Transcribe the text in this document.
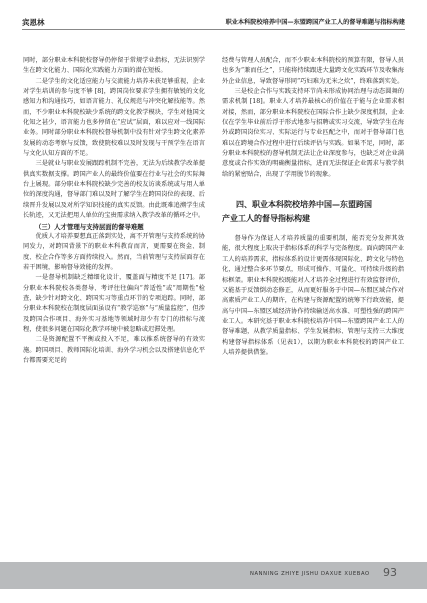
宾恩林	职业本科院校培养中国—东盟跨国产业工人的督导难题与指标构建

同时，部分职业本科院校督导仍停留于常规学业指标，无法识别学生在跨文化能力、国际化实践能力方面的潜在短板。

二是学生的文化适应能力与交流能力培养未获足够重视，企业对学生培训的参与度不够 [8]，跨国岗位要求学生拥有敏锐的文化感知力和沟通技巧，如语言能力、礼仪规范与冲突化解技能等。然而，不少职业本科院校缺少系统的跨文化教学模块，学生对他国文化知之甚少，语言能力也多停留在“应试”层面，难以应对一线国际业务。同时部分职业本科院校督导机制中没有针对学生跨文化素养发展的动态考察与反馈，致使院校难以及时发现与干预学生在语言与文化认知方面的不足。

三是就业与职业发展跟踪机制不完善，无法为后续教学改革提供真实数据支撑。跨国产业人的最终价值要在行业与社会的实际舞台上展现。部分职业本科院校缺少完善的校友访谈系统或与用人单位的深度沟通，督导部门难以及时了解学生在跨国岗位的表现、后续晋升发展以及对所学知识技能的真实反馈。由此既难追溯学生成长轨迹，又无法把用人单位的宝贵需求纳入教学改革的循环之中。

（三）人才管理与支持层面的督导难题

优质人才培养要想真正落到实处，离不开管理与支持系统的协同发力，对跨国背景下的职业本科教育而言，更需要在资金、制度、校企合作等多方面持续投入。然而，当前管理与支持层面存在若干困境，影响督导效能的发挥。

一是督导机制缺乏精细化设计，覆盖面与精度不足 [17]。部分职业本科院校各类督导、考评往往偏向“普适性”或“周期性”检查，缺少针对跨文化、跨国实习等重点环节的专项追踪。同时，部分职业本科院校在制度层面虽设有“教学巡察”与“质量监控”，但涉及跨国合作项目、海外实习基地等领域时却少有专门的指标与流程，使很多问题在国际化教学环境中被忽略或迟滞处理。

二是资源配置不平衡或投入不足，难以推系统督导的有效实施。跨国项目、教师国际化培训、海外学习机会以及搭建信息化平台都需要充足的

经费与管理人员配合，而不少职业本科院校的预算有限，督导人员也多为“兼而任之”，只能将持续跟进大量跨文化实践环节及收集海外企业信息，导致督导形同“巧妇难为无米之炊”，终难落到实处。

三是校企合作与实践支持环节尚未形成协同治理与动态圆舞的需求机制 [18]。职业人才培养最核心的价值在于能与企业需求相对接，然而，部分职业本科院校在国际合作上缺少深度机制，企业仅在学生毕业前后浮于形式地参与招聘或实习交流，导致学生在海外或跨国岗位实习、实际运行与专业匹配之中，而对于督导部门也难以在跨境合作过程中进行后续评估与实践。如果不足，同时，部分职业本科院校的督导机制无法让企业深度参与，也缺乏对企业满意度或合作实效的明确衡量指标，进而无法保证企业需求与教学供给的紧密贴合，出现了学用脱节的现象。

四、职业本科院校培养中国—东盟跨国
产业工人的督导指标构建

督导作为保证人才培养质量的重要机制，能否充分发挥其效能，很大程度上取决于指标体系的科学与完备程度。面向跨国产业工人的培养需求，指标体系的设计更需体现国际化、跨文化与特色化，通过整合多环节要点，形成可操作、可量化、可持续升级的指标框架。职业本科院校既能对人才培养全过程进行有效监督评价，又能基于反馈倒动态修正，从而更好服务于中国—东盟区域合作对高素质产业工人的期许，在构建与资源配置的统筹下行政效能，提高与中国—东盟区域经济协作持续输送高水准、可塑性强的跨国产业工人。本研究基于职业本科院校培养中国—东盟跨国产业工人的督导难题，从教学质量指标、学生发展指标、管理与支持三大维度构建督导指标体系（见表1），以期为职业本科院校的跨国产业工人培养提供借鉴。

NANNING ZHIYE JISHU DAXUE XUEBAO 93
